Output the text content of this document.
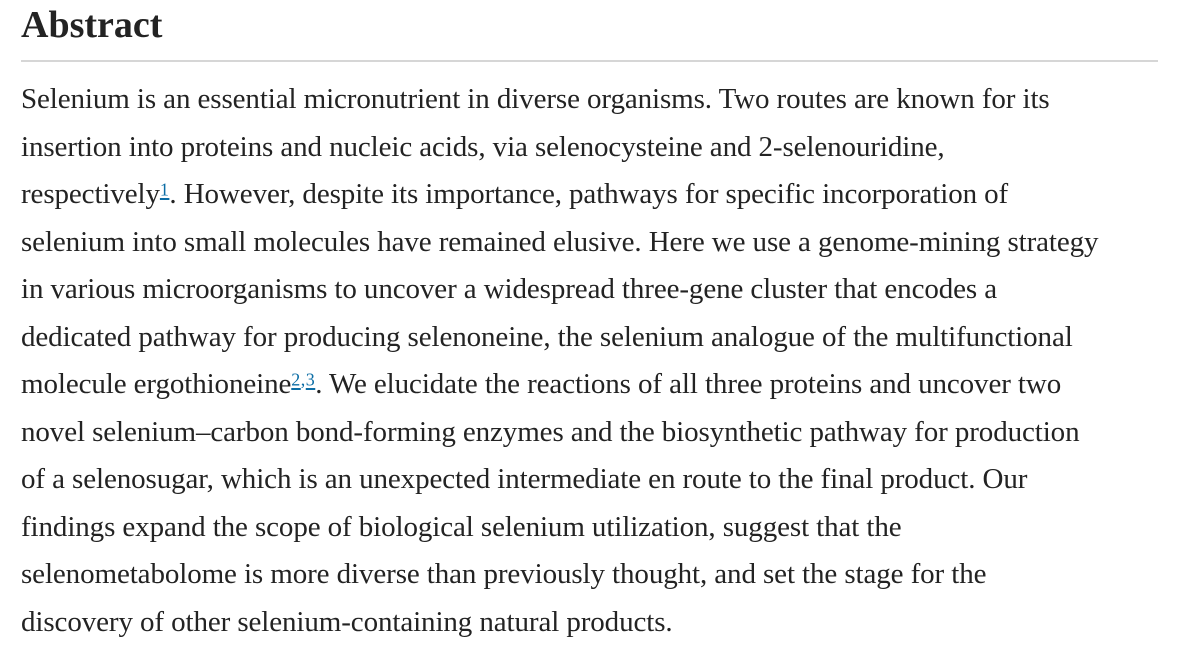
Abstract
Selenium is an essential micronutrient in diverse organisms. Two routes are known for its
insertion into proteins and nucleic acids, via selenocysteine and 2-selenouridine,
respectively$^1$. However, despite its importance, pathways for specific incorporation of
selenium into small molecules have remained elusive. Here we use a genome-mining strategy
in various microorganisms to uncover a widespread three-gene cluster that encodes a
dedicated pathway for producing selenoneine, the selenium analogue of the multifunctional
molecule ergothioneine$^{2,3}$. We elucidate the reactions of all three proteins and uncover two
novel selenium–carbon bond-forming enzymes and the biosynthetic pathway for production
of a selenosugar, which is an unexpected intermediate en route to the final product. Our
findings expand the scope of biological selenium utilization, suggest that the
selenometabolome is more diverse than previously thought, and set the stage for the
discovery of other selenium-containing natural products.
